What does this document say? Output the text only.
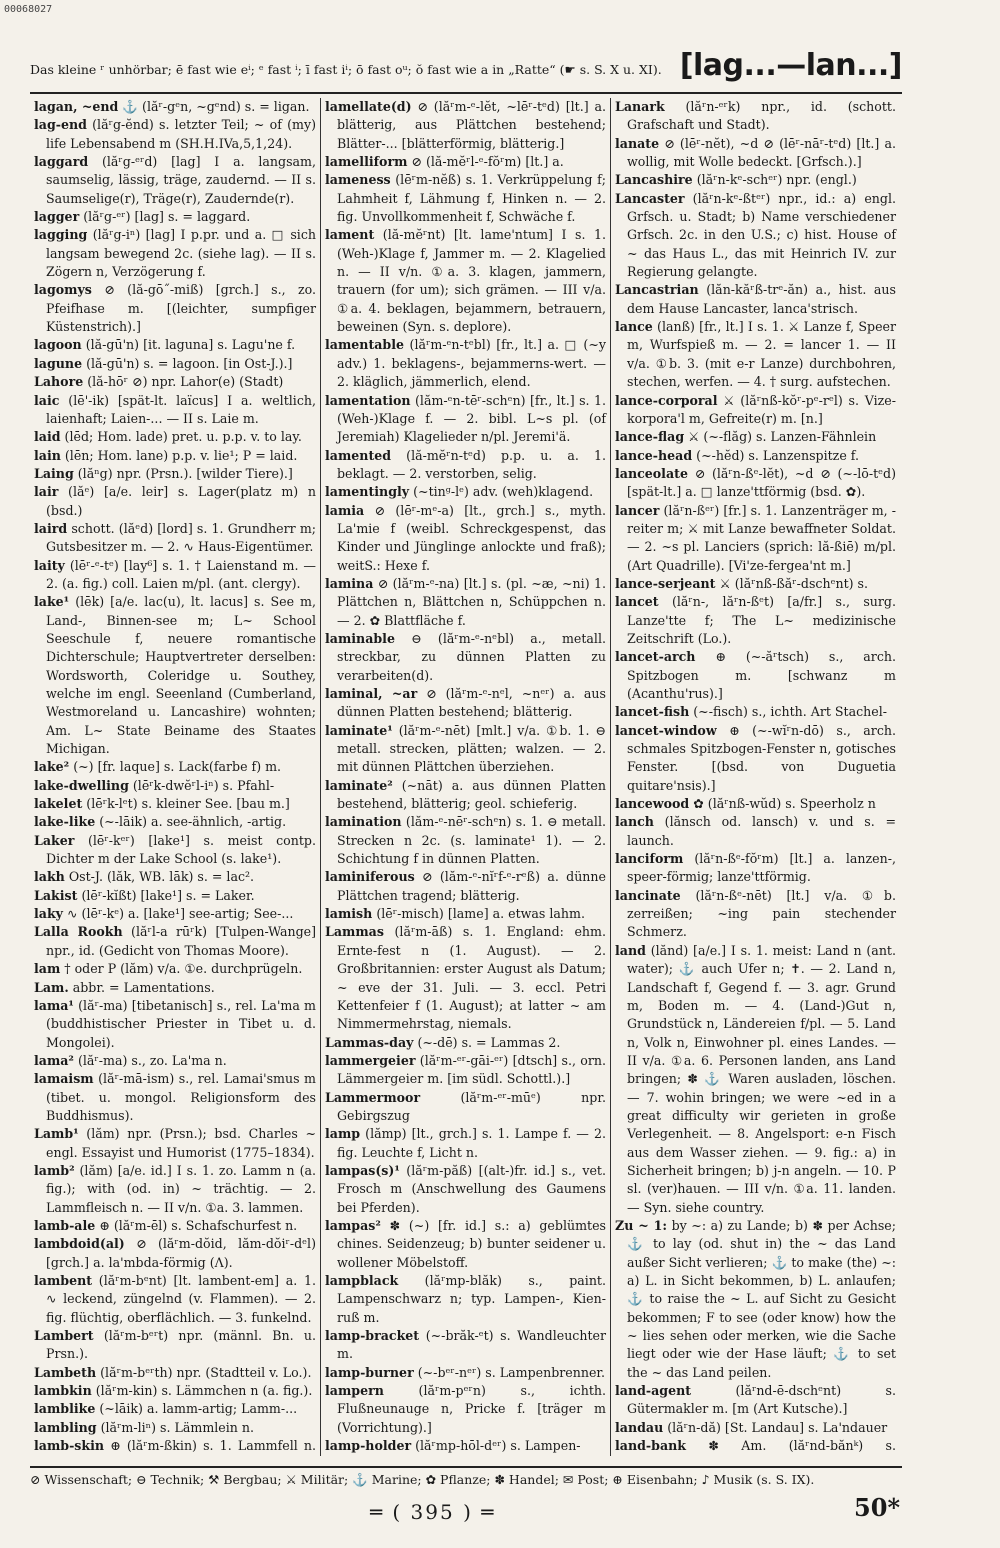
00068027
Das kleine ʳ unhörbar; ē fast wie eⁱ; ᵉ fast ⁱ; ī fast iⁱ; ō fast oᵘ; ŏ fast wie a in „Ratte“ (☛ s. S. X u. XI). [lag...—lan...]

lagan, ~end ⚓ (lăʳ-gᵉn, ~gᵉnd) s. = ligan.

lag-end (lăʳg-ĕnd) s. letzter Teil; ~ of (my) life Lebensabend m (SH.H.IVa,5,1,24).

laggard (lăʳg-ᵉʳd) [lag] I a. langsam, saumselig, lässig, träge, zaudernd. — II s. Saumselige(r), Träge(r), Zaudernde(r).

lagger (lăʳg-ᵉʳ) [lag] s. = laggard.

lagging (lăʳg-iⁿ) [lag] I p.pr. und a. □ sich langsam bewegend 2c. (siehe lag). — II s. Zögern n, Verzögerung f.

lagomys ⊘ (lă-gō˝-miß) [grch.] s., zo. Pfeifhase m. [(leichter, sumpfiger Küstenstrich).]

lagoon (lă-gū'n) [it. laguna] s. Lagu'ne f.

lagune (lă-gū'n) s. = lagoon. [in Ost-J.).]

Lahore (lă-hōʳ ⊘) npr. Lahor(e) (Stadt)

laic (lē'-ik) [spät-lt. laïcus] I a. weltlich, laienhaft; Laien-... — II s. Laie m.

laid (lēd; Hom. lade) pret. u. p.p. v. to lay.

lain (lēn; Hom. lane) p.p. v. lie¹; P = laid.

Laing (lăⁿg) npr. (Prsn.). [wilder Tiere).]

lair (lăᵉ) [a/e. leir] s. Lager(platz m) n (bsd.)

laird schott. (lăᵉd) [lord] s. 1. Grundherr m; Gutsbesitzer m. — 2. ∿ Haus-Eigentümer.

laity (lēʳ-ᵉ-tᵉ) [lay⁶] s. 1. † Laienstand m. — 2. (a. fig.) coll. Laien m/pl. (ant. clergy).

lake¹ (lēk) [a/e. lac(u), lt. lacus] s. See m, Land-, Binnen-see m; L~ School Seeschule f, neuere romantische Dichterschule; Hauptvertreter derselben: Wordsworth, Coleridge u. Southey, welche im engl. Seeenland (Cumberland, Westmoreland u. Lancashire) wohnten; Am. L~ State Beiname des Staates Michigan.

lake² (~) [fr. laque] s. Lack(farbe f) m.

lake-dwelling (lēʳk-dwĕʳl-iⁿ) s. Pfahl-

lakelet (lēʳk-lᵉt) s. kleiner See. [bau m.]

lake-like (~-lāik) a. see-ähnlich, -artig.

Laker (lēʳ-kᵉʳ) [lake¹] s. meist contp. Dichter m der Lake School (s. lake¹).

lakh Ost-J. (lăk, WB. lāk) s. = lac².

Lakist (lēʳ-kĭßt) [lake¹] s. = Laker.

laky ∿ (lēʳ-kᵉ) a. [lake¹] see-artig; See-...

Lalla Rookh (lăʳl-a rūʳk) [Tulpen-Wange] npr., id. (Gedicht von Thomas Moore).

lam † oder P (lăm) v/a. ①e. durchprügeln.

Lam. abbr. = Lamentations.

lama¹ (lăʳ-ma) [tibetanisch] s., rel. La'ma m (buddhistischer Priester in Tibet u. d. Mongolei).

lama² (lăʳ-ma) s., zo. La'ma n.

lamaism (lăʳ-mā-ism) s., rel. Lamai'smus m (tibet. u. mongol. Religionsform des Buddhismus).

Lamb¹ (lăm) npr. (Prsn.); bsd. Charles ~ engl. Essayist und Humorist (1775–1834).

lamb² (lăm) [a/e. id.] I s. 1. zo. Lamm n (a. fig.); with (od. in) ~ trächtig. — 2. Lammfleisch n. — II v/n. ①a. 3. lammen.

lamb-ale ⊕ (lăʳm-ēl) s. Schafschurfest n.

lambdoid(al) ⊘ (lăʳm-dŏid, lăm-dŏiʳ-dᵉl) [grch.] a. la'mbda-förmig (Λ).

lambent (lăʳm-bᵉnt) [lt. lambent-em] a. 1. ∿ leckend, züngelnd (v. Flammen). — 2. fig. flüchtig, oberflächlich. — 3. funkelnd.

Lambert (lăʳm-bᵉʳt) npr. (männl. Bn. u. Prsn.).

Lambeth (lăʳm-bᵉʳth) npr. (Stadtteil v. Lo.).

lambkin (lăʳm-kin) s. Lämmchen n (a. fig.).

lamblike (~lāik) a. lamm-artig; Lamm-...

lambling (lăʳm-liⁿ) s. Lämmlein n.

lamb-skin ⊕ (lăʳm-ßkin) s. 1. Lammfell n.

lamellate(d) ⊘ (lăʳm-ᵉ-lĕt, ~lēʳ-tᵉd) [lt.] a. blätterig, aus Plättchen bestehend; Blätter-... [blätterförmig, blätterig.]

lamelliform ⊘ (lă-mĕʳl-ᵉ-fŏʳm) [lt.] a.

lameness (lēʳm-nĕß) s. 1. Verkrüppelung f; Lahmheit f, Lähmung f, Hinken n. — 2. fig. Unvollkommenheit f, Schwäche f.

lament (lă-mĕʳnt) [lt. lame'ntum] I s. 1. (Weh-)Klage f, Jammer m. — 2. Klagelied n. — II v/n. ①a. 3. klagen, jammern, trauern (for um); sich grämen. — III v/a. ①a. 4. beklagen, bejammern, betrauern, beweinen (Syn. s. deplore).

lamentable (lăʳm-ᵉn-tᵉbl) [fr., lt.] a. □ (~y adv.) 1. beklagens-, bejammerns-wert. — 2. kläglich, jämmerlich, elend.

lamentation (lăm-ᵉn-tēʳ-schᵉn) [fr., lt.] s. 1. (Weh-)Klage f. — 2. bibl. L~s pl. (of Jeremiah) Klagelieder n/pl. Jeremi'ä.

lamented (lă-mĕʳn-tᵉd) p.p. u. a. 1. beklagt. — 2. verstorben, selig.

lamentingly (~tinᵍ-lᵉ) adv. (weh)klagend.

lamia ⊘ (lēʳ-mᵉ-a) [lt., grch.] s., myth. La'mie f (weibl. Schreckgespenst, das Kinder und Jünglinge anlockte und fraß); weitS.: Hexe f.

lamina ⊘ (lăʳm-ᵉ-na) [lt.] s. (pl. ~æ, ~ni) 1. Plättchen n, Blättchen n, Schüppchen n. — 2. ✿ Blattfläche f.

laminable ⊖ (lăʳm-ᵉ-nᵉbl) a., metall. streckbar, zu dünnen Platten zu verarbeiten(d).

laminal, ~ar ⊘ (lăʳm-ᵉ-nᵉl, ~nᵉʳ) a. aus dünnen Platten bestehend; blätterig.

laminate¹ (lăʳm-ᵉ-nēt) [mlt.] v/a. ①b. 1. ⊖ metall. strecken, plätten; walzen. — 2. mit dünnen Plättchen überziehen.

laminate² (~nāt) a. aus dünnen Platten bestehend, blätterig; geol. schieferig.

lamination (lăm-ᵉ-nēʳ-schᵉn) s. 1. ⊖ metall. Strecken n 2c. (s. laminate¹ 1). — 2. Schichtung f in dünnen Platten.

laminiferous ⊘ (lăm-ᵉ-nĭʳf-ᵉ-rᵉß) a. dünne Plättchen tragend; blätterig.

lamish (lēʳ-misch) [lame] a. etwas lahm.

Lammas (lăʳm-āß) s. 1. England: ehm. Ernte-fest n (1. August). — 2. Großbritannien: erster August als Datum; ~ eve der 31. Juli. — 3. eccl. Petri Kettenfeier f (1. August); at latter ~ am Nimmermehrstag, niemals.

Lammas-day (~-dē) s. = Lammas 2.

lammergeier (lăʳm-ᵉʳ-gāi-ᵉʳ) [dtsch] s., orn. Lämmergeier m. [im südl. Schottl.).]

Lammermoor (lăʳm-ᵉʳ-mūᵉ) npr. Gebirgszug

lamp (lămp) [lt., grch.] s. 1. Lampe f. — 2. fig. Leuchte f, Licht n.

lampas(s)¹ (lăʳm-păß) [(alt-)fr. id.] s., vet. Frosch m (Anschwellung des Gaumens bei Pferden).

lampas² ✽ (~) [fr. id.] s.: a) geblümtes chines. Seidenzeug; b) bunter seidener u. wollener Möbelstoff.

lampblack (lăʳmp-blăk) s., paint. Lampenschwarz n; typ. Lampen-, Kien-ruß m.

lamp-bracket (~-brăk-ᵉt) s. Wandleuchter m.

lamp-burner (~-bᵉʳ-nᵉʳ) s. Lampenbrenner.

lampern (lăʳm-pᵉʳn) s., ichth. Flußneunauge n, Pricke f. [träger m (Vorrichtung).]

lamp-holder (lăʳmp-hōl-dᵉʳ) s. Lampen-

Lanark (lăʳn-ᵉʳk) npr., id. (schott. Grafschaft und Stadt).

lanate ⊘ (lēʳ-nĕt), ~d ⊘ (lēʳ-nāʳ-tᵉd) [lt.] a. wollig, mit Wolle bedeckt. [Grfsch.).]

Lancashire (lăʳn-kᵉ-schᵉʳ) npr. (engl.)

Lancaster (lăʳn-kᵉ-ßtᵉʳ) npr., id.: a) engl. Grfsch. u. Stadt; b) Name verschiedener Grfsch. 2c. in den U.S.; c) hist. House of ~ das Haus L., das mit Heinrich IV. zur Regierung gelangte.

Lancastrian (lăn-kăʳß-trᵉ-ăn) a., hist. aus dem Hause Lancaster, lanca'strisch.

lance (lanß) [fr., lt.] I s. 1. ⚔ Lanze f, Speer m, Wurfspieß m. — 2. = lancer 1. — II v/a. ①b. 3. (mit e-r Lanze) durchbohren, stechen, werfen. — 4. † surg. aufstechen.

lance-corporal ⚔ (lăʳnß-kŏʳ-pᵉ-rᵉl) s. Vize-korpora'l m, Gefreite(r) m. [n.]

lance-flag ⚔ (~-flăg) s. Lanzen-Fähnlein

lance-head (~-hĕd) s. Lanzenspitze f.

lanceolate ⊘ (lăʳn-ßᵉ-lĕt), ~d ⊘ (~-lō-tᵉd) [spät-lt.] a. □ lanze'ttförmig (bsd. ✿).

lancer (lăʳn-ßᵉʳ) [fr.] s. 1. Lanzenträger m, -reiter m; ⚔ mit Lanze bewaffneter Soldat. — 2. ~s pl. Lanciers (sprich: lă-ßiē) m/pl. (Art Quadrille). [Vi'ze-fergea'nt m.]

lance-serjeant ⚔ (lăʳnß-ßăʳ-dschᵉnt) s.

lancet (lăʳn-, lăʳn-ßᵉt) [a/fr.] s., surg. Lanze'tte f; The L~ medizinische Zeitschrift (Lo.).

lancet-arch ⊕ (~-ăʳtsch) s., arch. Spitzbogen m. [schwanz m (Acanthu'rus).]

lancet-fish (~-fisch) s., ichth. Art Stachel-

lancet-window ⊕ (~-wĭʳn-dō) s., arch. schmales Spitzbogen-Fenster n, gotisches Fenster. [(bsd. von Duguetia quitare'nsis).]

lancewood ✿ (lăʳnß-wŭd) s. Speerholz n

lanch (lănsch od. lansch) v. und s. = launch.

lanciform (lăʳn-ßᵉ-fŏʳm) [lt.] a. lanzen-, speer-förmig; lanze'ttförmig.

lancinate (lăʳn-ßᵉ-nēt) [lt.] v/a. ①b. zerreißen; ~ing pain stechender Schmerz.

land (lănd) [a/e.] I s. 1. meist: Land n (ant. water); ⚓ auch Ufer n; ✝. — 2. Land n, Landschaft f, Gegend f. — 3. agr. Grund m, Boden m. — 4. (Land-)Gut n, Grundstück n, Ländereien f/pl. — 5. Land n, Volk n, Einwohner pl. eines Landes. — II v/a. ①a. 6. Personen landen, ans Land bringen; ✽ ⚓ Waren ausladen, löschen. — 7. wohin bringen; we were ~ed in a great difficulty wir gerieten in große Verlegenheit. — 8. Angelsport: e-n Fisch aus dem Wasser ziehen. — 9. fig.: a) in Sicherheit bringen; b) j-n angeln. — 10. P sl. (ver)hauen. — III v/n. ①a. 11. landen. — Syn. siehe country.

Zu ~ 1: by ~: a) zu Lande; b) ✽ per Achse; ⚓ to lay (od. shut in) the ~ das Land außer Sicht verlieren; ⚓ to make (the) ~: a) L. in Sicht bekommen, b) L. anlaufen; ⚓ to raise the ~ L. auf Sicht zu Gesicht bekommen; F to see (oder know) how the ~ lies sehen oder merken, wie die Sache liegt oder wie der Hase läuft; ⚓ to set the ~ das Land peilen.

land-agent (lăʳnd-ē-dschᵉnt) s. Gütermakler m. [m (Art Kutsche).]

landau (lăʳn-dă) [St. Landau] s. La'ndauer

land-bank ✽ Am. (lăʳnd-bănᵏ) s.

⊘ Wissenschaft; ⊖ Technik; ⚒ Bergbau; ⚔ Militär; ⚓ Marine; ✿ Pflanze; ✽ Handel; ✉ Post; ⊕ Eisenbahn; ♪ Musik (s. S. IX).
═ ( 395 ) ═	50*
